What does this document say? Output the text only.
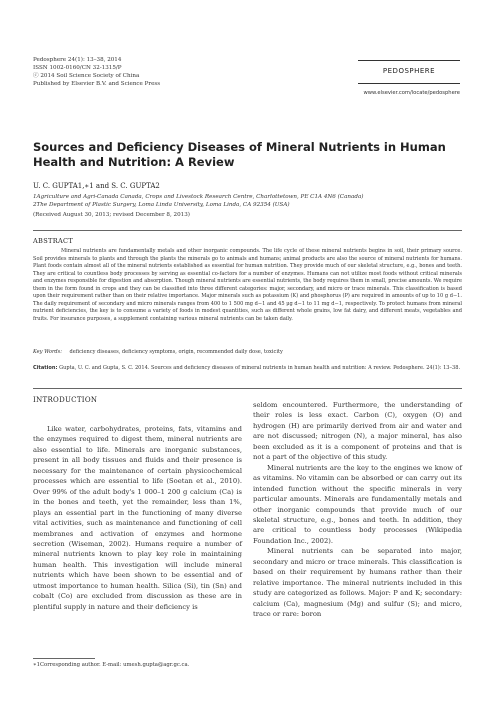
Pedosphere 24(1): 13–38, 2014
ISSN 1002-0160/CN 32-1315/P
ⓒ 2014 Soil Science Society of China
Published by Elsevier B.V. and Science Press
PEDOSPHERE
www.elsevier.com/locate/pedosphere
Sources and Deficiency Diseases of Mineral Nutrients in Human Health and Nutrition: A Review
U. C. GUPTA1,∗1 and S. C. GUPTA2
1Agriculture and Agri-Canada Canada, Crops and Livestock Research Centre, Charlottetown, PE C1A 4N6 (Canada)
2The Department of Plastic Surgery, Loma Linda University, Loma Linda, CA 92354 (USA)
(Received August 30, 2013; revised December 8, 2013)
ABSTRACT
Mineral nutrients are fundamentally metals and other inorganic compounds. The life cycle of these mineral nutrients begins in soil, their primary source. Soil provides minerals to plants and through the plants the minerals go to animals and humans; animal products are also the source of mineral nutrients for humans. Plant foods contain almost all of the mineral nutrients established as essential for human nutrition. They provide much of our skeletal structure, e.g., bones and teeth. They are critical to countless body processes by serving as essential co-factors for a number of enzymes. Humans can not utilize most foods without critical minerals and enzymes responsible for digestion and absorption. Though mineral nutrients are essential nutrients, the body requires them in small, precise amounts. We require them in the form found in crops and they can be classified into three different categories: major, secondary, and micro or trace minerals. This classification is based upon their requirement rather than on their relative importance. Major minerals such as potassium (K) and phosphorus (P) are required in amounts of up to 10 g d−1. The daily requirement of secondary and micro minerals ranges from 400 to 1 500 mg d−1 and 45 μg d−1 to 11 mg d−1, respectively. To protect humans from mineral nutrient deficiencies, the key is to consume a variety of foods in modest quantities, such as different whole grains, low fat dairy, and different meats, vegetables and fruits. For insurance purposes, a supplement containing various mineral nutrients can be taken daily.
Key Words: deficiency diseases, deficiency symptoms, origin, recommended daily dose, toxicity
Citation: Gupta, U. C. and Gupta, S. C. 2014. Sources and deficiency diseases of mineral nutrients in human health and nutrition: A review. Pedosphere. 24(1): 13–38.
INTRODUCTION

Like water, carbohydrates, proteins, fats, vitamins and the enzymes required to digest them, mineral nutrients are also essential to life. Minerals are inorganic substances, present in all body tissues and fluids and their presence is necessary for the maintenance of certain physicochemical processes which are essential to life (Soetan et al., 2010). Over 99% of the adult body's 1 000–1 200 g calcium (Ca) is in the bones and teeth, yet the remainder, less than 1%, plays an essential part in the functioning of many diverse vital activities, such as maintenance and functioning of cell membranes and activation of enzymes and hormone secretion (Wiseman, 2002). Humans require a number of mineral nutrients known to play key role in maintaining human health. This investigation will include mineral nutrients which have been shown to be essential and of utmost importance to human health. Silica (Si), tin (Sn) and cobalt (Co) are excluded from discussion as these are in plentiful supply in nature and their deficiency is

seldom encountered. Furthermore, the understanding of their roles is less exact. Carbon (C), oxygen (O) and hydrogen (H) are primarily derived from air and water and are not discussed; nitrogen (N), a major mineral, has also been excluded as it is a component of proteins and that is not a part of the objective of this study.

Mineral nutrients are the key to the engines we know of as vitamins. No vitamin can be absorbed or can carry out its intended function without the specific minerals in very particular amounts. Minerals are fundamentally metals and other inorganic compounds that provide much of our skeletal structure, e.g., bones and teeth. In addition, they are critical to countless body processes (Wikipedia Foundation Inc., 2002).

Mineral nutrients can be separated into major, secondary and micro or trace minerals. This classification is based on their requirement by humans rather than their relative importance. The mineral nutrients included in this study are categorized as follows. Major: P and K; secondary: calcium (Ca), magnesium (Mg) and sulfur (S); and micro, trace or rare: boron

∗1Corresponding author. E-mail: umesh.gupta@agr.gc.ca.
